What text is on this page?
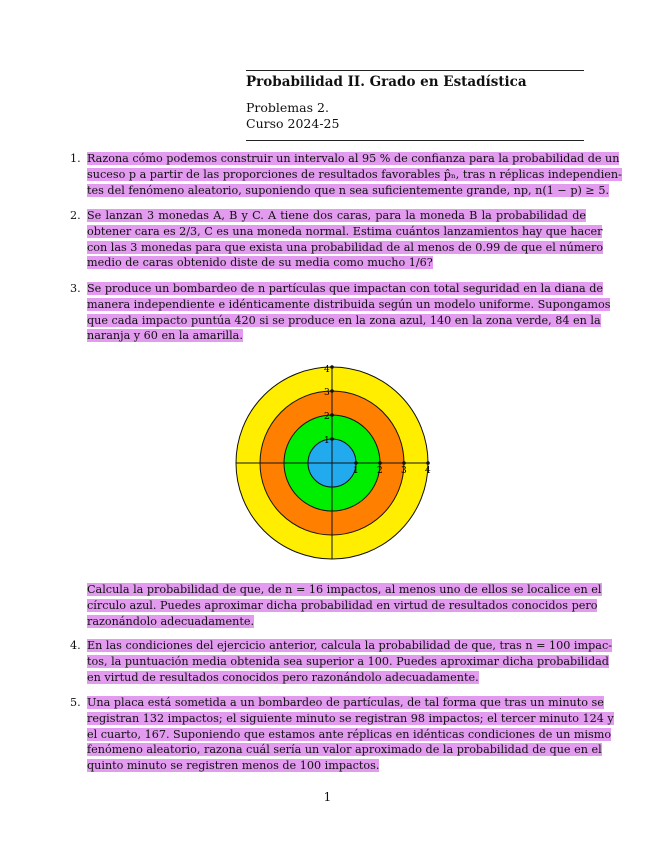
Probabilidad II. Grado en Estadística
Problemas 2.
Curso 2024-25
1. Razona cómo podemos construir un intervalo al 95 % de confianza para la probabilidad de un
suceso p a partir de las proporciones de resultados favorables p̂ₙ, tras n réplicas independien-
tes del fenómeno aleatorio, suponiendo que n sea suficientemente grande, np, n(1 − p) ≥ 5.
2. Se lanzan 3 monedas A, B y C. A tiene dos caras, para la moneda B la probabilidad de
obtener cara es 2/3, C es una moneda normal. Estima cuántos lanzamientos hay que hacer
con las 3 monedas para que exista una probabilidad de al menos de 0.99 de que el número
medio de caras obtenido diste de su media como mucho 1/6?
3. Se produce un bombardeo de n partículas que impactan con total seguridad en la diana de
manera independiente e idénticamente distribuida según un modelo uniforme. Supongamos
que cada impacto puntúa 420 si se produce en la zona azul, 140 en la zona verde, 84 en la
naranja y 60 en la amarilla.
1 2 3 4
1
2
3
4
Calcula la probabilidad de que, de n = 16 impactos, al menos uno de ellos se localice en el
círculo azul. Puedes aproximar dicha probabilidad en virtud de resultados conocidos pero
razonándolo adecuadamente.
4. En las condiciones del ejercicio anterior, calcula la probabilidad de que, tras n = 100 impac-
tos, la puntuación media obtenida sea superior a 100. Puedes aproximar dicha probabilidad
en virtud de resultados conocidos pero razonándolo adecuadamente.
5. Una placa está sometida a un bombardeo de partículas, de tal forma que tras un minuto se
registran 132 impactos; el siguiente minuto se registran 98 impactos; el tercer minuto 124 y
el cuarto, 167. Suponiendo que estamos ante réplicas en idénticas condiciones de un mismo
fenómeno aleatorio, razona cuál sería un valor aproximado de la probabilidad de que en el
quinto minuto se registren menos de 100 impactos.
1
